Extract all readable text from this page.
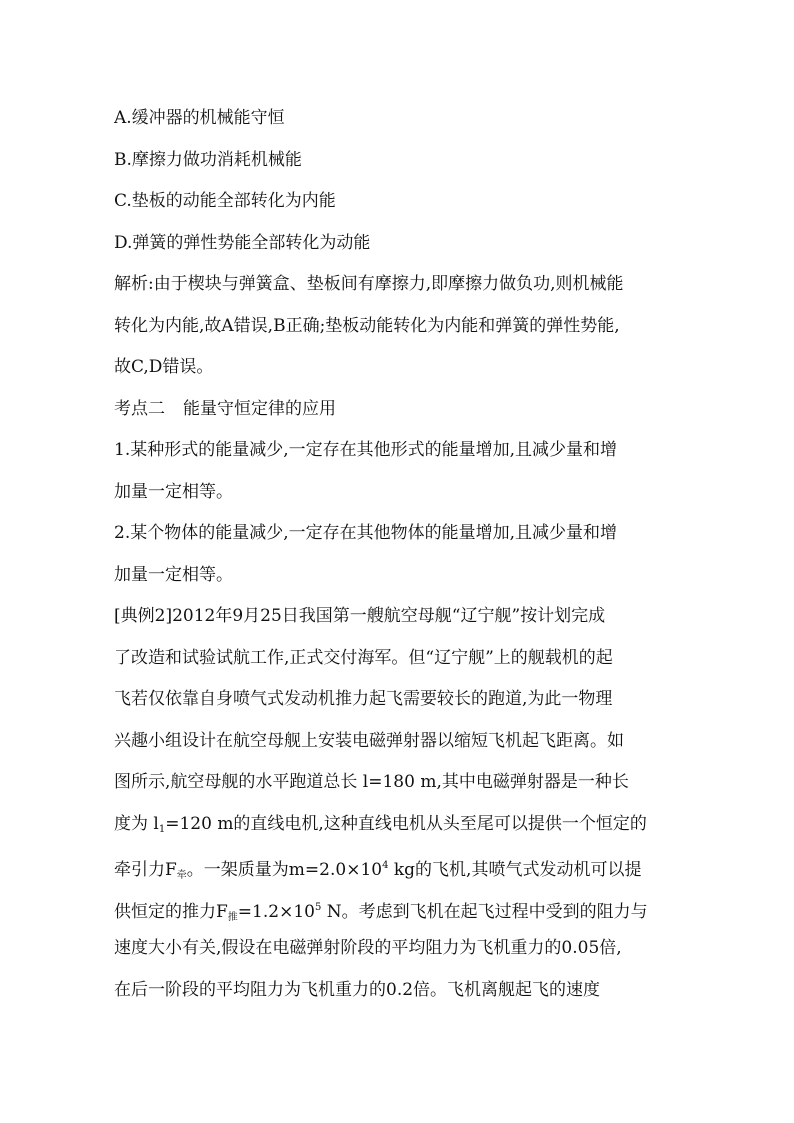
A.缓冲器的机械能守恒
B.摩擦力做功消耗机械能
C.垫板的动能全部转化为内能
D.弹簧的弹性势能全部转化为动能
解析:由于楔块与弹簧盒、垫板间有摩擦力,即摩擦力做负功,则机械能
转化为内能,故A错误,B正确;垫板动能转化为内能和弹簧的弹性势能,
故C,D错误。
考点二 能量守恒定律的应用
1.某种形式的能量减少,一定存在其他形式的能量增加,且减少量和增
加量一定相等。
2.某个物体的能量减少,一定存在其他物体的能量增加,且减少量和增
加量一定相等。
[典例2]2012年9月25日我国第一艘航空母舰“辽宁舰”按计划完成
了改造和试验试航工作,正式交付海军。但“辽宁舰”上的舰载机的起
飞若仅依靠自身喷气式发动机推力起飞需要较长的跑道,为此一物理
兴趣小组设计在航空母舰上安装电磁弹射器以缩短飞机起飞距离。如
图所示,航空母舰的水平跑道总长 l=180 m,其中电磁弹射器是一种长
度为 $l_1=120$ m的直线电机,这种直线电机从头至尾可以提供一个恒定的
牵引力$F_牵$。一架质量为$m=2.0\times 10^4$ kg的飞机,其喷气式发动机可以提
供恒定的推力$F_推=1.2\times 10^5$ N。考虑到飞机在起飞过程中受到的阻力与
速度大小有关,假设在电磁弹射阶段的平均阻力为飞机重力的0.05倍,
在后一阶段的平均阻力为飞机重力的0.2倍。飞机离舰起飞的速度
